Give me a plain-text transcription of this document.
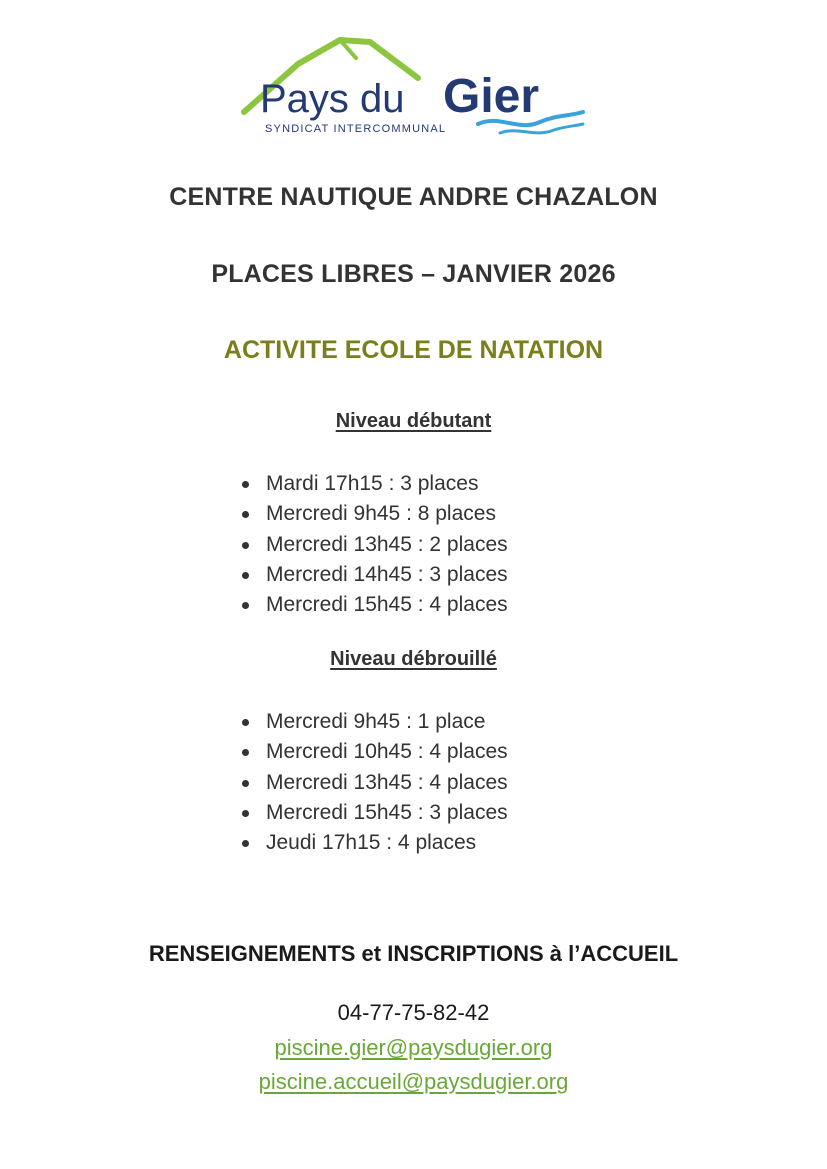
Pays du Gier
SYNDICAT INTERCOMMUNAL
CENTRE NAUTIQUE ANDRE CHAZALON
PLACES LIBRES – JANVIER 2026
ACTIVITE ECOLE DE NATATION
Niveau débutant
Mardi 17h15 : 3 places
Mercredi 9h45 : 8 places
Mercredi 13h45 : 2 places
Mercredi 14h45 : 3 places
Mercredi 15h45 : 4 places
Niveau débrouillé
Mercredi 9h45 : 1 place
Mercredi 10h45 : 4 places
Mercredi 13h45 : 4 places
Mercredi 15h45 : 3 places
Jeudi 17h15 : 4 places
RENSEIGNEMENTS et INSCRIPTIONS à l’ACCUEIL
04-77-75-82-42
piscine.gier@paysdugier.org
piscine.accueil@paysdugier.org
